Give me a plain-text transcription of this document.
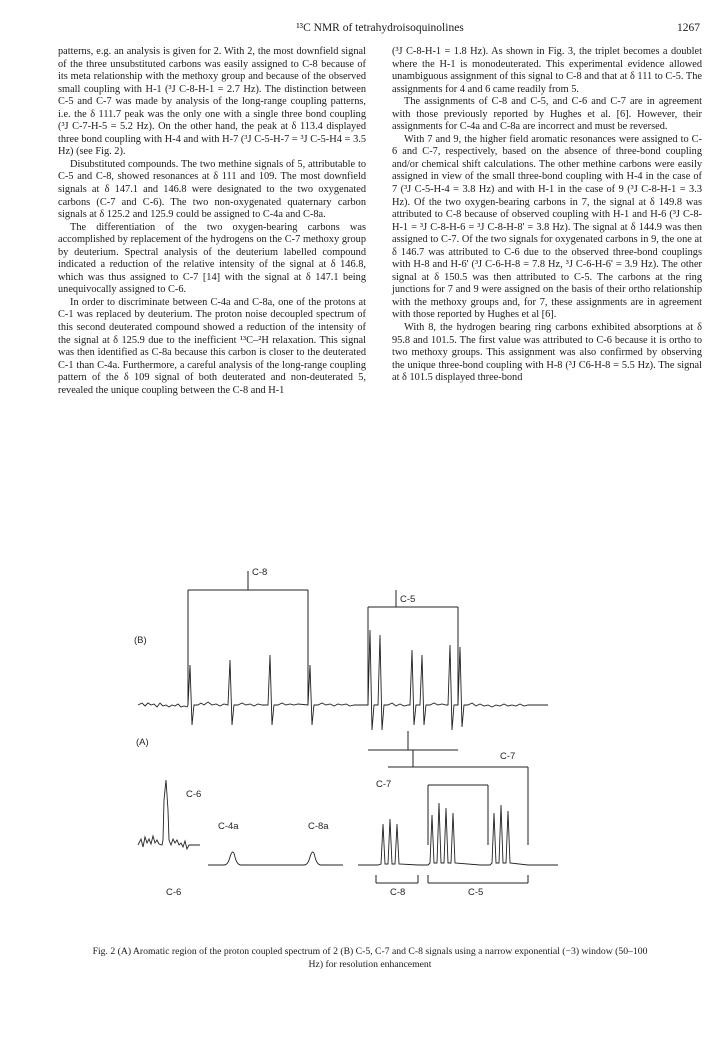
¹³C NMR of tetrahydroisoquinolines	1267

patterns, e.g. an analysis is given for 2. With 2, the most downfield signal of the three unsubstituted carbons was easily assigned to C-8 because of its meta relationship with the methoxy group and because of the observed small coupling with H-1 (³J C-8-H-1 = 2.7 Hz). The distinction between C-5 and C-7 was made by analysis of the long-range coupling patterns, i.e. the δ 111.7 peak was the only one with a single three bond coupling (³J C-7-H-5 = 5.2 Hz). On the other hand, the peak at δ 113.4 displayed three bond coupling with H-4 and with H-7 (³J C-5-H-7 = ³J C-5-H4 = 3.5 Hz) (see Fig. 2).

Disubstituted compounds. The two methine signals of 5, attributable to C-5 and C-8, showed resonances at δ 111 and 109. The most downfield signals at δ 147.1 and 146.8 were designated to the two oxygenated carbons (C-7 and C-6). The two non-oxygenated quaternary carbon signals at δ 125.2 and 125.9 could be assigned to C-4a and C-8a.

The differentiation of the two oxygen-bearing carbons was accomplished by replacement of the hydrogens on the C-7 methoxy group by deuterium. Spectral analysis of the deuterium labelled compound indicated a reduction of the relative intensity of the signal at δ 146.8, which was thus assigned to C-7 [14] with the signal at δ 147.1 being unequivocally assigned to C-6.

In order to discriminate between C-4a and C-8a, one of the protons at C-1 was replaced by deuterium. The proton noise decoupled spectrum of this second deuterated compound showed a reduction of the intensity of the signal at δ 125.9 due to the inefficient ¹³C–²H relaxation. This signal was then identified as C-8a because this carbon is closer to the deuterated C-1 than C-4a. Furthermore, a careful analysis of the long-range coupling pattern of the δ 109 signal of both deuterated and non-deuterated 5, revealed the unique coupling between the C-8 and H-1

(³J C-8-H-1 = 1.8 Hz). As shown in Fig. 3, the triplet becomes a doublet where the H-1 is monodeuterated. This experimental evidence allowed unambiguous assignment of this signal to C-8 and that at δ 111 to C-5. The assignments for 4 and 6 came readily from 5.

The assignments of C-8 and C-5, and C-6 and C-7 are in agreement with those previously reported by Hughes et al. [6]. However, their assignments for C-4a and C-8a are incorrect and must be reversed.

With 7 and 9, the higher field aromatic resonances were assigned to C-6 and C-7, respectively, based on the absence of three-bond coupling and/or chemical shift calculations. The other methine carbons were easily assigned in view of the small three-bond coupling with H-4 in the case of 7 (³J C-5-H-4 = 3.8 Hz) and with H-1 in the case of 9 (³J C-8-H-1 = 3.3 Hz). Of the two oxygen-bearing carbons in 7, the signal at δ 149.8 was attributed to C-8 because of observed coupling with H-1 and H-6 (³J C-8-H-1 = ³J C-8-H-6 = ³J C-8-H-8' = 3.8 Hz). The signal at δ 144.9 was then assigned to C-7. Of the two signals for oxygenated carbons in 9, the one at δ 146.7 was attributed to C-6 due to the observed three-bond couplings with H-8 and H-6' (³J C-6-H-8 = 7.8 Hz, ³J C-6-H-6' = 3.9 Hz). The other signal at δ 150.5 was then attributed to C-5. The carbons at the ring junctions for 7 and 9 were assigned on the basis of their ortho relationship with the methoxy groups and, for 7, these assignments are in agreement with those reported by Hughes et al [6].

With 8, the hydrogen bearing ring carbons exhibited absorptions at δ 95.8 and 101.5. The first value was attributed to C-6 because it is ortho to two methoxy groups. This assignment was also confirmed by observing the unique three-bond coupling with H-8 (³J C6-H-8 = 5.5 Hz). The signal at δ 101.5 displayed three-bond

C-8
C-5
(B)
(A)
C-7
C-7
C-6
C-4a	C-8a
C-6	C-8	C-5
Fig. 2 (A) Aromatic region of the proton coupled spectrum of 2 (B) C-5, C-7 and C-8 signals using a narrow exponential (−3) window (50–100 Hz) for resolution enhancement
